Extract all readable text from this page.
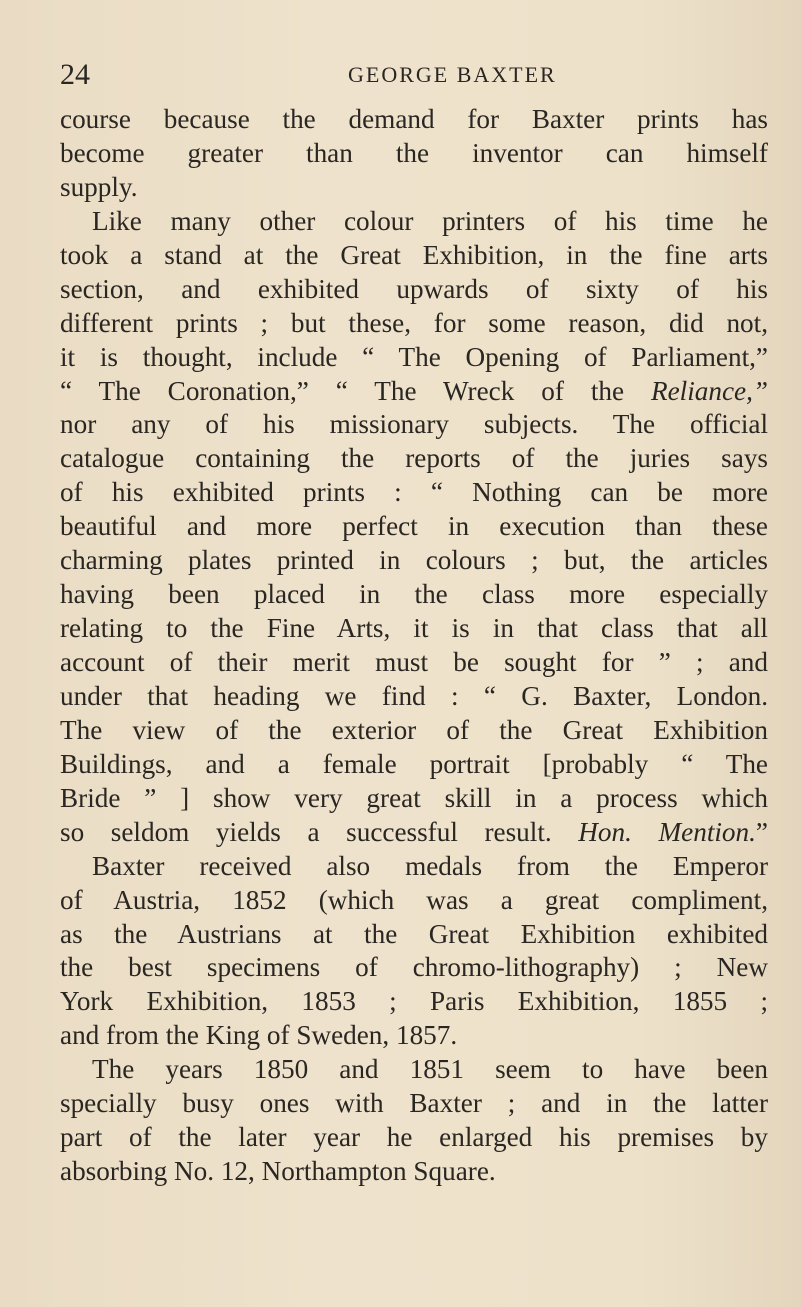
24	GEORGE BAXTER
course because the demand for Baxter prints has
become greater than the inventor can himself
supply.
Like many other colour printers of his time he
took a stand at the Great Exhibition, in the fine arts
section, and exhibited upwards of sixty of his
different prints ; but these, for some reason, did not,
it is thought, include “ The Opening of Parliament,”
“ The Coronation,” “ The Wreck of the Reliance,”
nor any of his missionary subjects. The official
catalogue containing the reports of the juries says
of his exhibited prints : “ Nothing can be more
beautiful and more perfect in execution than these
charming plates printed in colours ; but, the articles
having been placed in the class more especially
relating to the Fine Arts, it is in that class that all
account of their merit must be sought for ” ; and
under that heading we find : “ G. Baxter, London.
The view of the exterior of the Great Exhibition
Buildings, and a female portrait [probably “ The
Bride ” ] show very great skill in a process which
so seldom yields a successful result. Hon. Mention.”
Baxter received also medals from the Emperor
of Austria, 1852 (which was a great compliment,
as the Austrians at the Great Exhibition exhibited
the best specimens of chromo-lithography) ; New
York Exhibition, 1853 ; Paris Exhibition, 1855 ;
and from the King of Sweden, 1857.
The years 1850 and 1851 seem to have been
specially busy ones with Baxter ; and in the latter
part of the later year he enlarged his premises by
absorbing No. 12, Northampton Square.
